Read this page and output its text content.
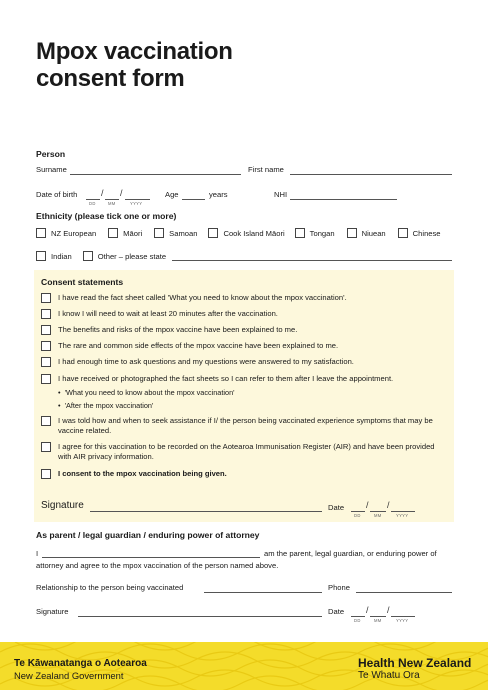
Mpox vaccination
consent form
Person
Surname	First name
Date of birth
DD
/
MM
/
YYYY
Age	years	NHI
Ethnicity (please tick one or more)
NZ European	Māori	Samoan	Cook Island Māori	Tongan	Niuean	Chinese
Indian	Other – please state
Consent statements
I have read the fact sheet called 'What you need to know about the mpox vaccination'.
I know I will need to wait at least 20 minutes after the vaccination.
The benefits and risks of the mpox vaccine have been explained to me.
The rare and common side effects of the mpox vaccine have been explained to me.
I had enough time to ask questions and my questions were answered to my satisfaction.
I have received or photographed the fact sheets so I can refer to them after I leave the appointment.
•  'What you need to know about the mpox vaccination'
•  'After the mpox vaccination'
I was told how and when to seek assistance if I/ the person being vaccinated experience symptoms that may be vaccine related.
I agree for this vaccination to be recorded on the Aotearoa Immunisation Register (AIR) and have been provided with AIR privacy information.
I consent to the mpox vaccination being given.
Signature	Date
DD
/
MM
/
YYYY
As parent / legal guardian / enduring power of attorney
I	am the parent, legal guardian, or enduring power of
attorney and agree to the mpox vaccination of the person named above.
Relationship to the person being vaccinated	Phone
Signature	Date
DD
/
MM
/
YYYY
Te Kāwanatanga o Aotearoa
New Zealand Government
Health New Zealand
Te Whatu Ora
